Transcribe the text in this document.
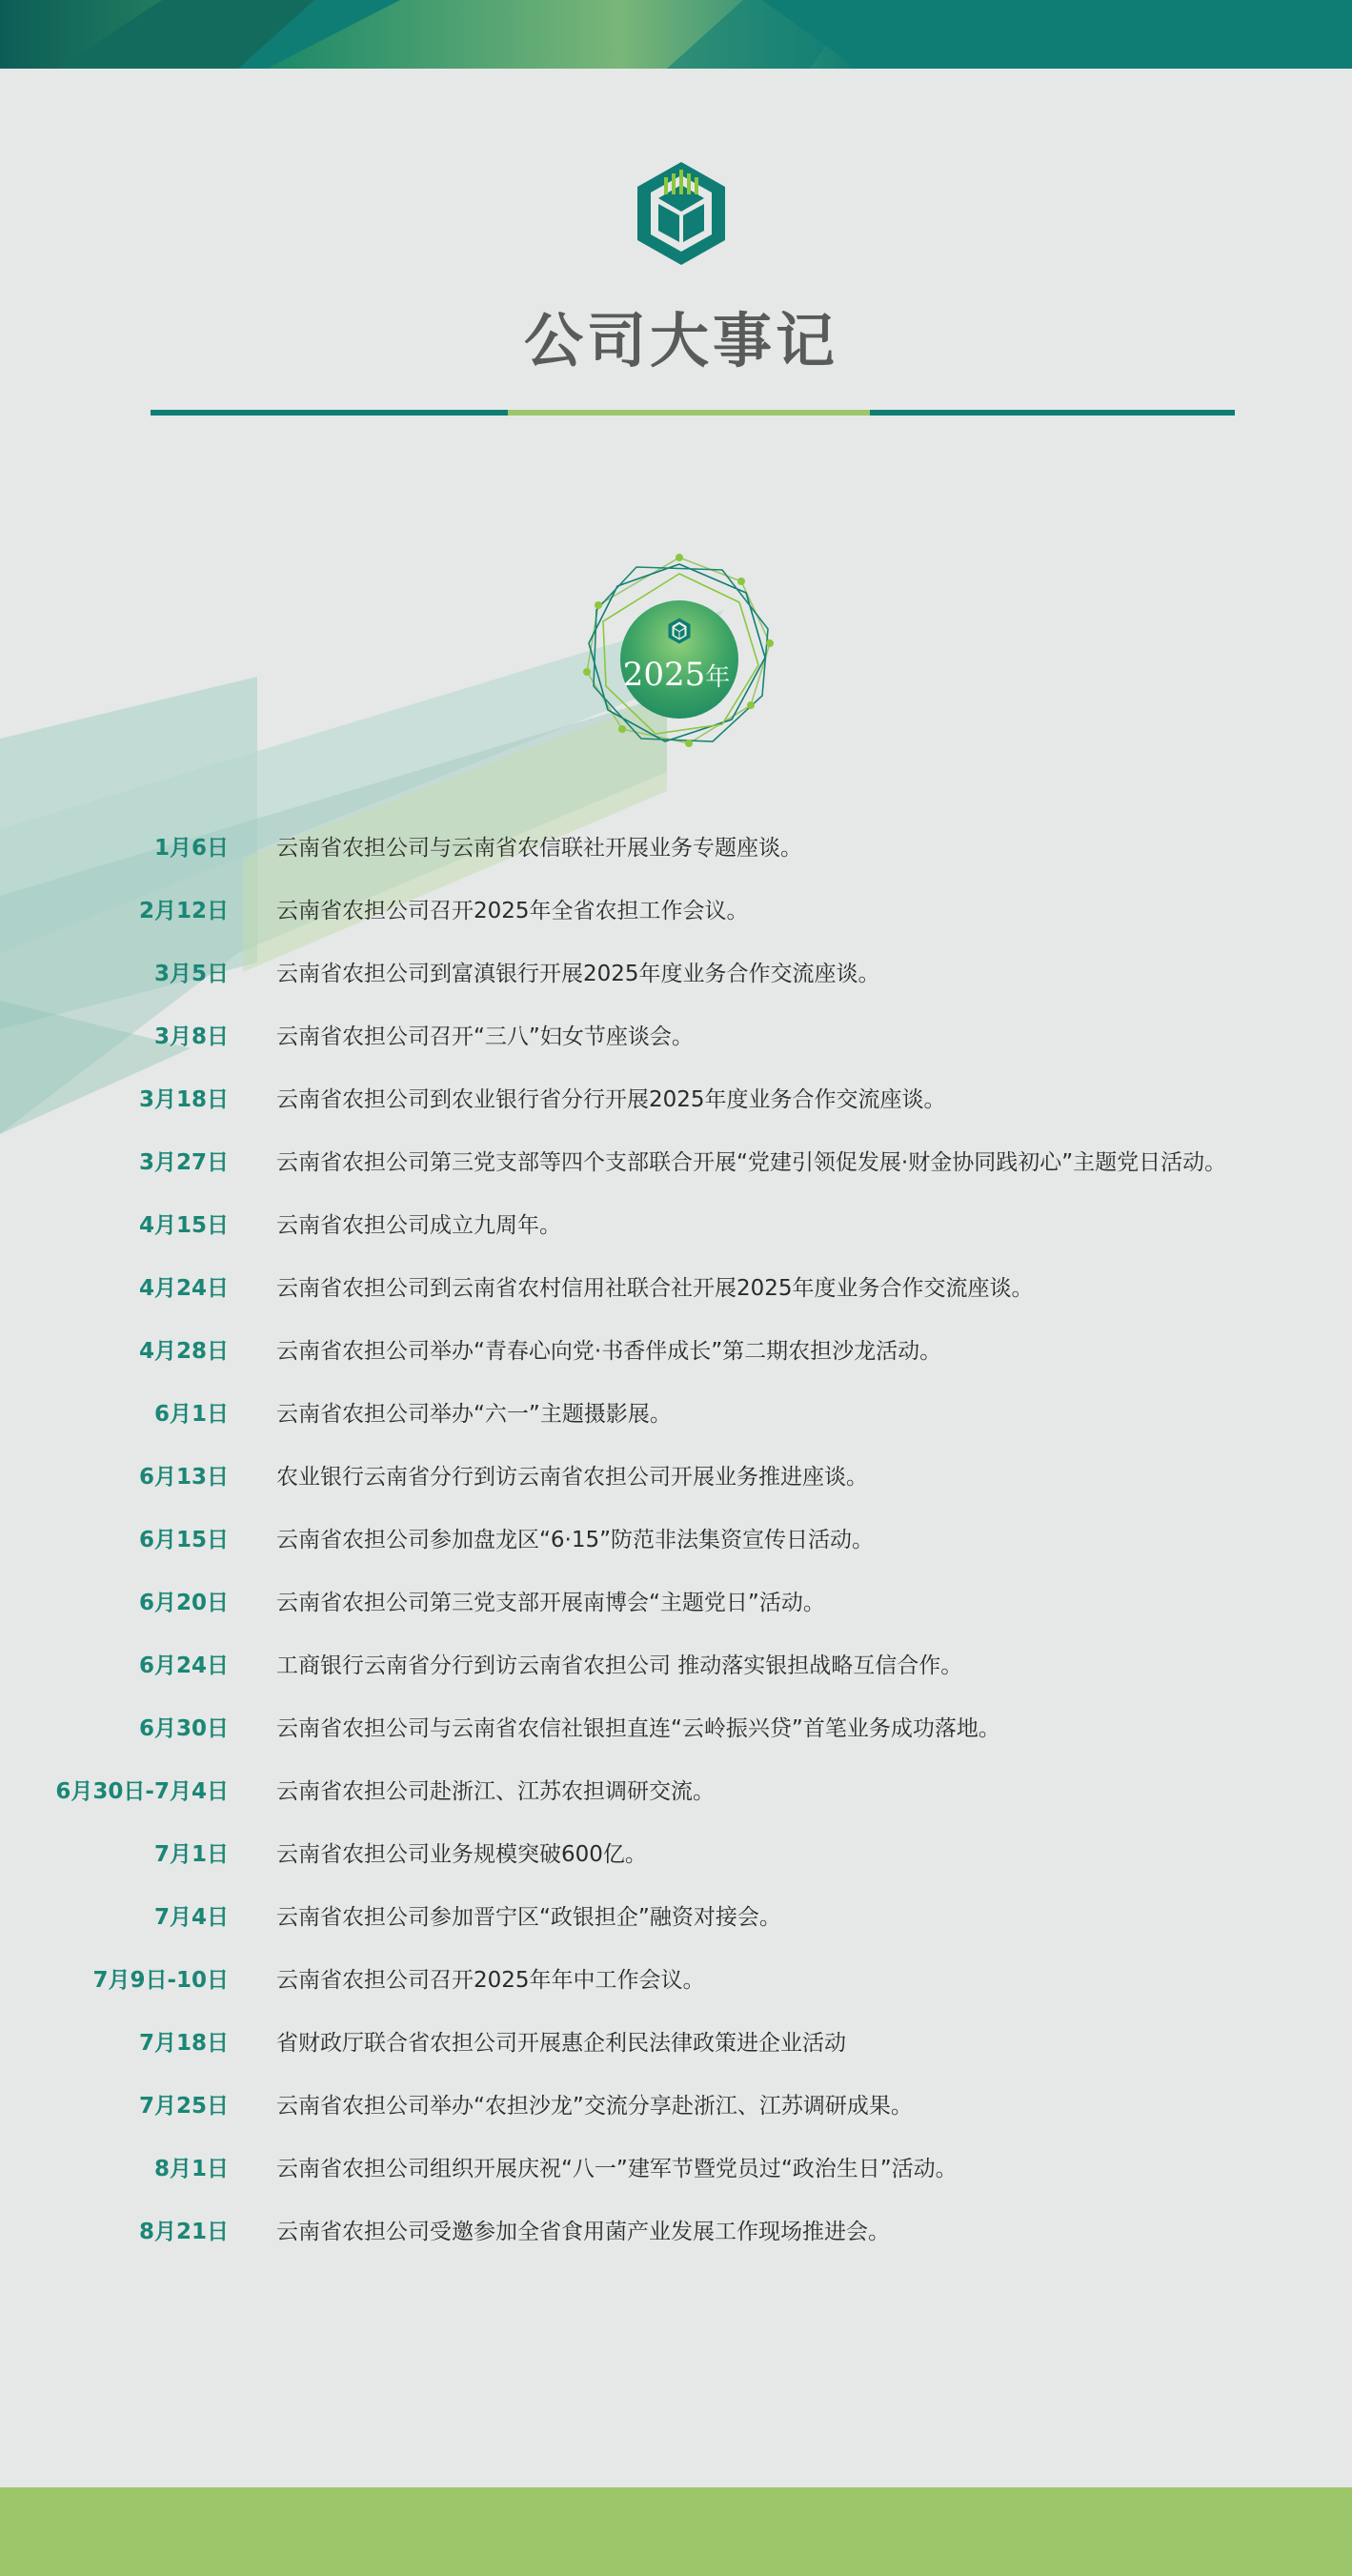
公司大事记
2025年
1月6日 云南省农担公司与云南省农信联社开展业务专题座谈。
2月12日 云南省农担公司召开2025年全省农担工作会议。
3月5日 云南省农担公司到富滇银行开展2025年度业务合作交流座谈。
3月8日 云南省农担公司召开“三八”妇女节座谈会。
3月18日 云南省农担公司到农业银行省分行开展2025年度业务合作交流座谈。
3月27日 云南省农担公司第三党支部等四个支部联合开展“党建引领促发展·财金协同践初心”主题党日活动。
4月15日 云南省农担公司成立九周年。
4月24日 云南省农担公司到云南省农村信用社联合社开展2025年度业务合作交流座谈。
4月28日 云南省农担公司举办“青春心向党·书香伴成长”第二期农担沙龙活动。
6月1日 云南省农担公司举办“六一”主题摄影展。
6月13日 农业银行云南省分行到访云南省农担公司开展业务推进座谈。
6月15日 云南省农担公司参加盘龙区“6·15”防范非法集资宣传日活动。
6月20日 云南省农担公司第三党支部开展南博会“主题党日”活动。
6月24日 工商银行云南省分行到访云南省农担公司 推动落实银担战略互信合作。
6月30日 云南省农担公司与云南省农信社银担直连“云岭振兴贷”首笔业务成功落地。
6月30日-7月4日 云南省农担公司赴浙江、江苏农担调研交流。
7月1日 云南省农担公司业务规模突破600亿。
7月4日 云南省农担公司参加晋宁区“政银担企”融资对接会。
7月9日-10日 云南省农担公司召开2025年年中工作会议。
7月18日 省财政厅联合省农担公司开展惠企利民法律政策进企业活动
7月25日 云南省农担公司举办“农担沙龙”交流分享赴浙江、江苏调研成果。
8月1日 云南省农担公司组织开展庆祝“八一”建军节暨党员过“政治生日”活动。
8月21日 云南省农担公司受邀参加全省食用菌产业发展工作现场推进会。
